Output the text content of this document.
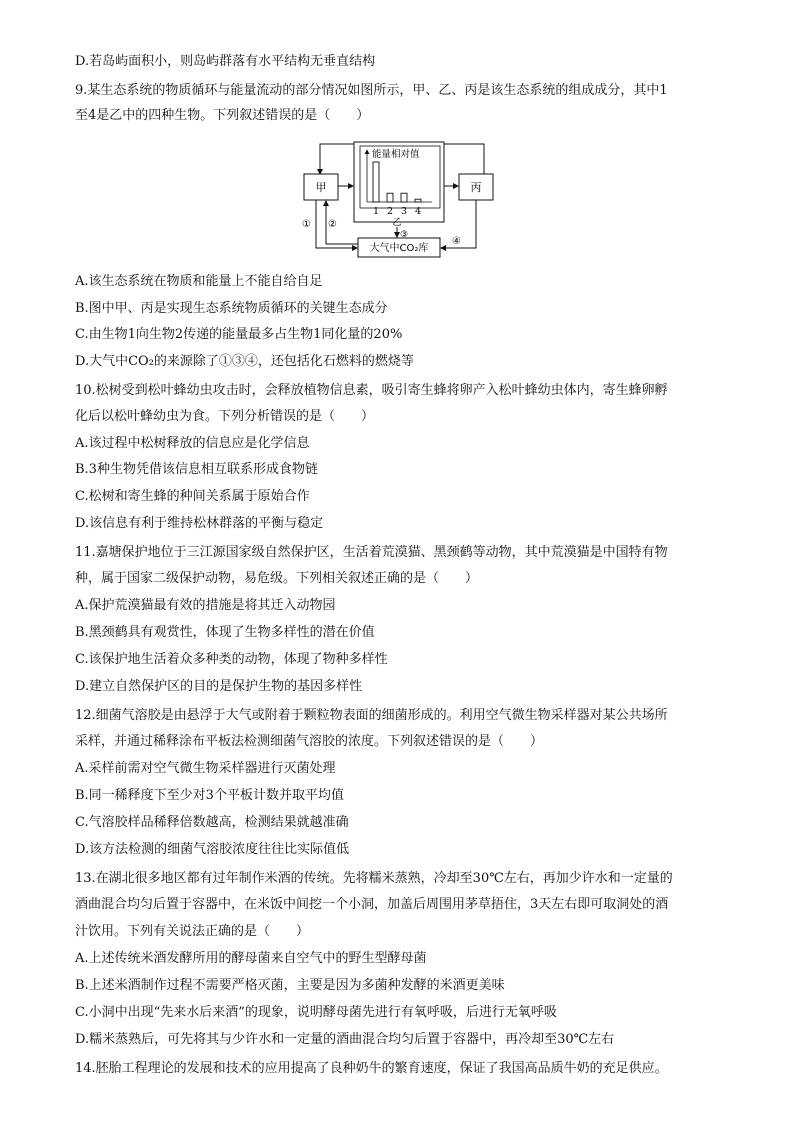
D.若岛屿面积小，则岛屿群落有水平结构无垂直结构
9.某生态系统的物质循环与能量流动的部分情况如图所示，甲、乙、丙是该生态系统的组成成分，其中1
至4是乙中的四种生物。下列叙述错误的是（　　）
甲	丙
能量相对值
1 2 3 4
乙
大气中CO₂库
① ②
③
④
A.该生态系统在物质和能量上不能自给自足
B.图中甲、丙是实现生态系统物质循环的关键生态成分
C.由生物1向生物2传递的能量最多占生物1同化量的20%
D.大气中CO₂的来源除了①③④，还包括化石燃料的燃烧等
10.松树受到松叶蜂幼虫攻击时，会释放植物信息素，吸引寄生蜂将卵产入松叶蜂幼虫体内，寄生蜂卵孵
化后以松叶蜂幼虫为食。下列分析错误的是（　　）
A.该过程中松树释放的信息应是化学信息
B.3种生物凭借该信息相互联系形成食物链
C.松树和寄生蜂的种间关系属于原始合作
D.该信息有利于维持松林群落的平衡与稳定
11.嘉塘保护地位于三江源国家级自然保护区，生活着荒漠猫、黑颈鹤等动物，其中荒漠猫是中国特有物
种，属于国家二级保护动物，易危级。下列相关叙述正确的是（　　）
A.保护荒漠猫最有效的措施是将其迁入动物园
B.黑颈鹤具有观赏性，体现了生物多样性的潜在价值
C.该保护地生活着众多种类的动物，体现了物种多样性
D.建立自然保护区的目的是保护生物的基因多样性
12.细菌气溶胶是由悬浮于大气或附着于颗粒物表面的细菌形成的。利用空气微生物采样器对某公共场所
采样，并通过稀释涂布平板法检测细菌气溶胶的浓度。下列叙述错误的是（　　）
A.采样前需对空气微生物采样器进行灭菌处理
B.同一稀释度下至少对3个平板计数并取平均值
C.气溶胶样品稀释倍数越高，检测结果就越准确
D.该方法检测的细菌气溶胶浓度往往比实际值低
13.在湖北很多地区都有过年制作米酒的传统。先将糯米蒸熟，冷却至30℃左右，再加少许水和一定量的
酒曲混合均匀后置于容器中，在米饭中间挖一个小洞，加盖后周围用茅草捂住，3天左右即可取洞处的酒
汁饮用。下列有关说法正确的是（　　）
A.上述传统米酒发酵所用的酵母菌来自空气中的野生型酵母菌
B.上述米酒制作过程不需要严格灭菌，主要是因为多菌种发酵的米酒更美味
C.小洞中出现“先来水后来酒”的现象，说明酵母菌先进行有氧呼吸，后进行无氧呼吸
D.糯米蒸熟后，可先将其与少许水和一定量的酒曲混合均匀后置于容器中，再冷却至30℃左右
14.胚胎工程理论的发展和技术的应用提高了良种奶牛的繁育速度，保证了我国高品质牛奶的充足供应。
